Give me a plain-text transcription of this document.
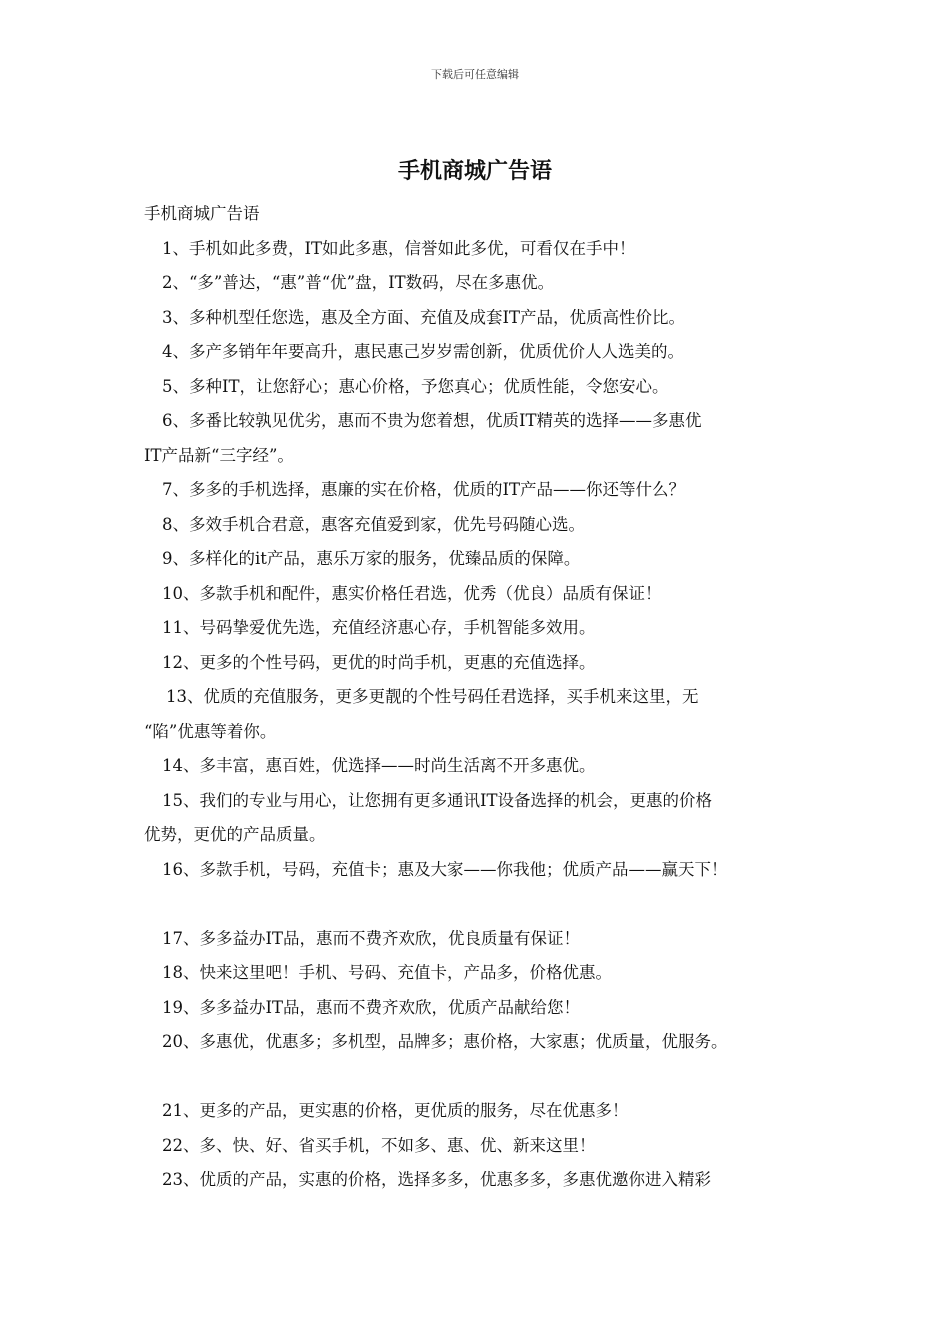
下载后可任意编辑
手机商城广告语
手机商城广告语
1、手机如此多费，IT如此多惠，信誉如此多优，可看仅在手中！
2、“多”普达，“惠”普“优”盘，IT数码，尽在多惠优。
3、多种机型任您选，惠及全方面、充值及成套IT产品，优质高性价比。
4、多产多销年年要高升，惠民惠己岁岁需创新，优质优价人人选美的。
5、多种IT，让您舒心；惠心价格，予您真心；优质性能，令您安心。
6、多番比较孰见优劣，惠而不贵为您着想，优质IT精英的选择——多惠优
IT产品新“三字经”。
7、多多的手机选择，惠廉的实在价格，优质的IT产品——你还等什么？
8、多效手机合君意，惠客充值爱到家，优先号码随心选。
9、多样化的it产品，惠乐万家的服务，优臻品质的保障。
10、多款手机和配件，惠实价格任君选，优秀（优良）品质有保证！
11、号码挚爱优先选，充值经济惠心存，手机智能多效用。
12、更多的个性号码，更优的时尚手机，更惠的充值选择。
13、优质的充值服务，更多更靓的个性号码任君选择，买手机来这里，无
“陷”优惠等着你。
14、多丰富，惠百姓，优选择——时尚生活离不开多惠优。
15、我们的专业与用心，让您拥有更多通讯IT设备选择的机会，更惠的价格
优势，更优的产品质量。
16、多款手机，号码，充值卡；惠及大家——你我他；优质产品——赢天下！
17、多多益办IT品，惠而不费齐欢欣，优良质量有保证！
18、快来这里吧！手机、号码、充值卡，产品多，价格优惠。
19、多多益办IT品，惠而不费齐欢欣，优质产品献给您！
20、多惠优，优惠多；多机型，品牌多；惠价格，大家惠；优质量，优服务。
21、更多的产品，更实惠的价格，更优质的服务，尽在优惠多！
22、多、快、好、省买手机，不如多、惠、优、新来这里！
23、优质的产品，实惠的价格，选择多多，优惠多多，多惠优邀你进入精彩
